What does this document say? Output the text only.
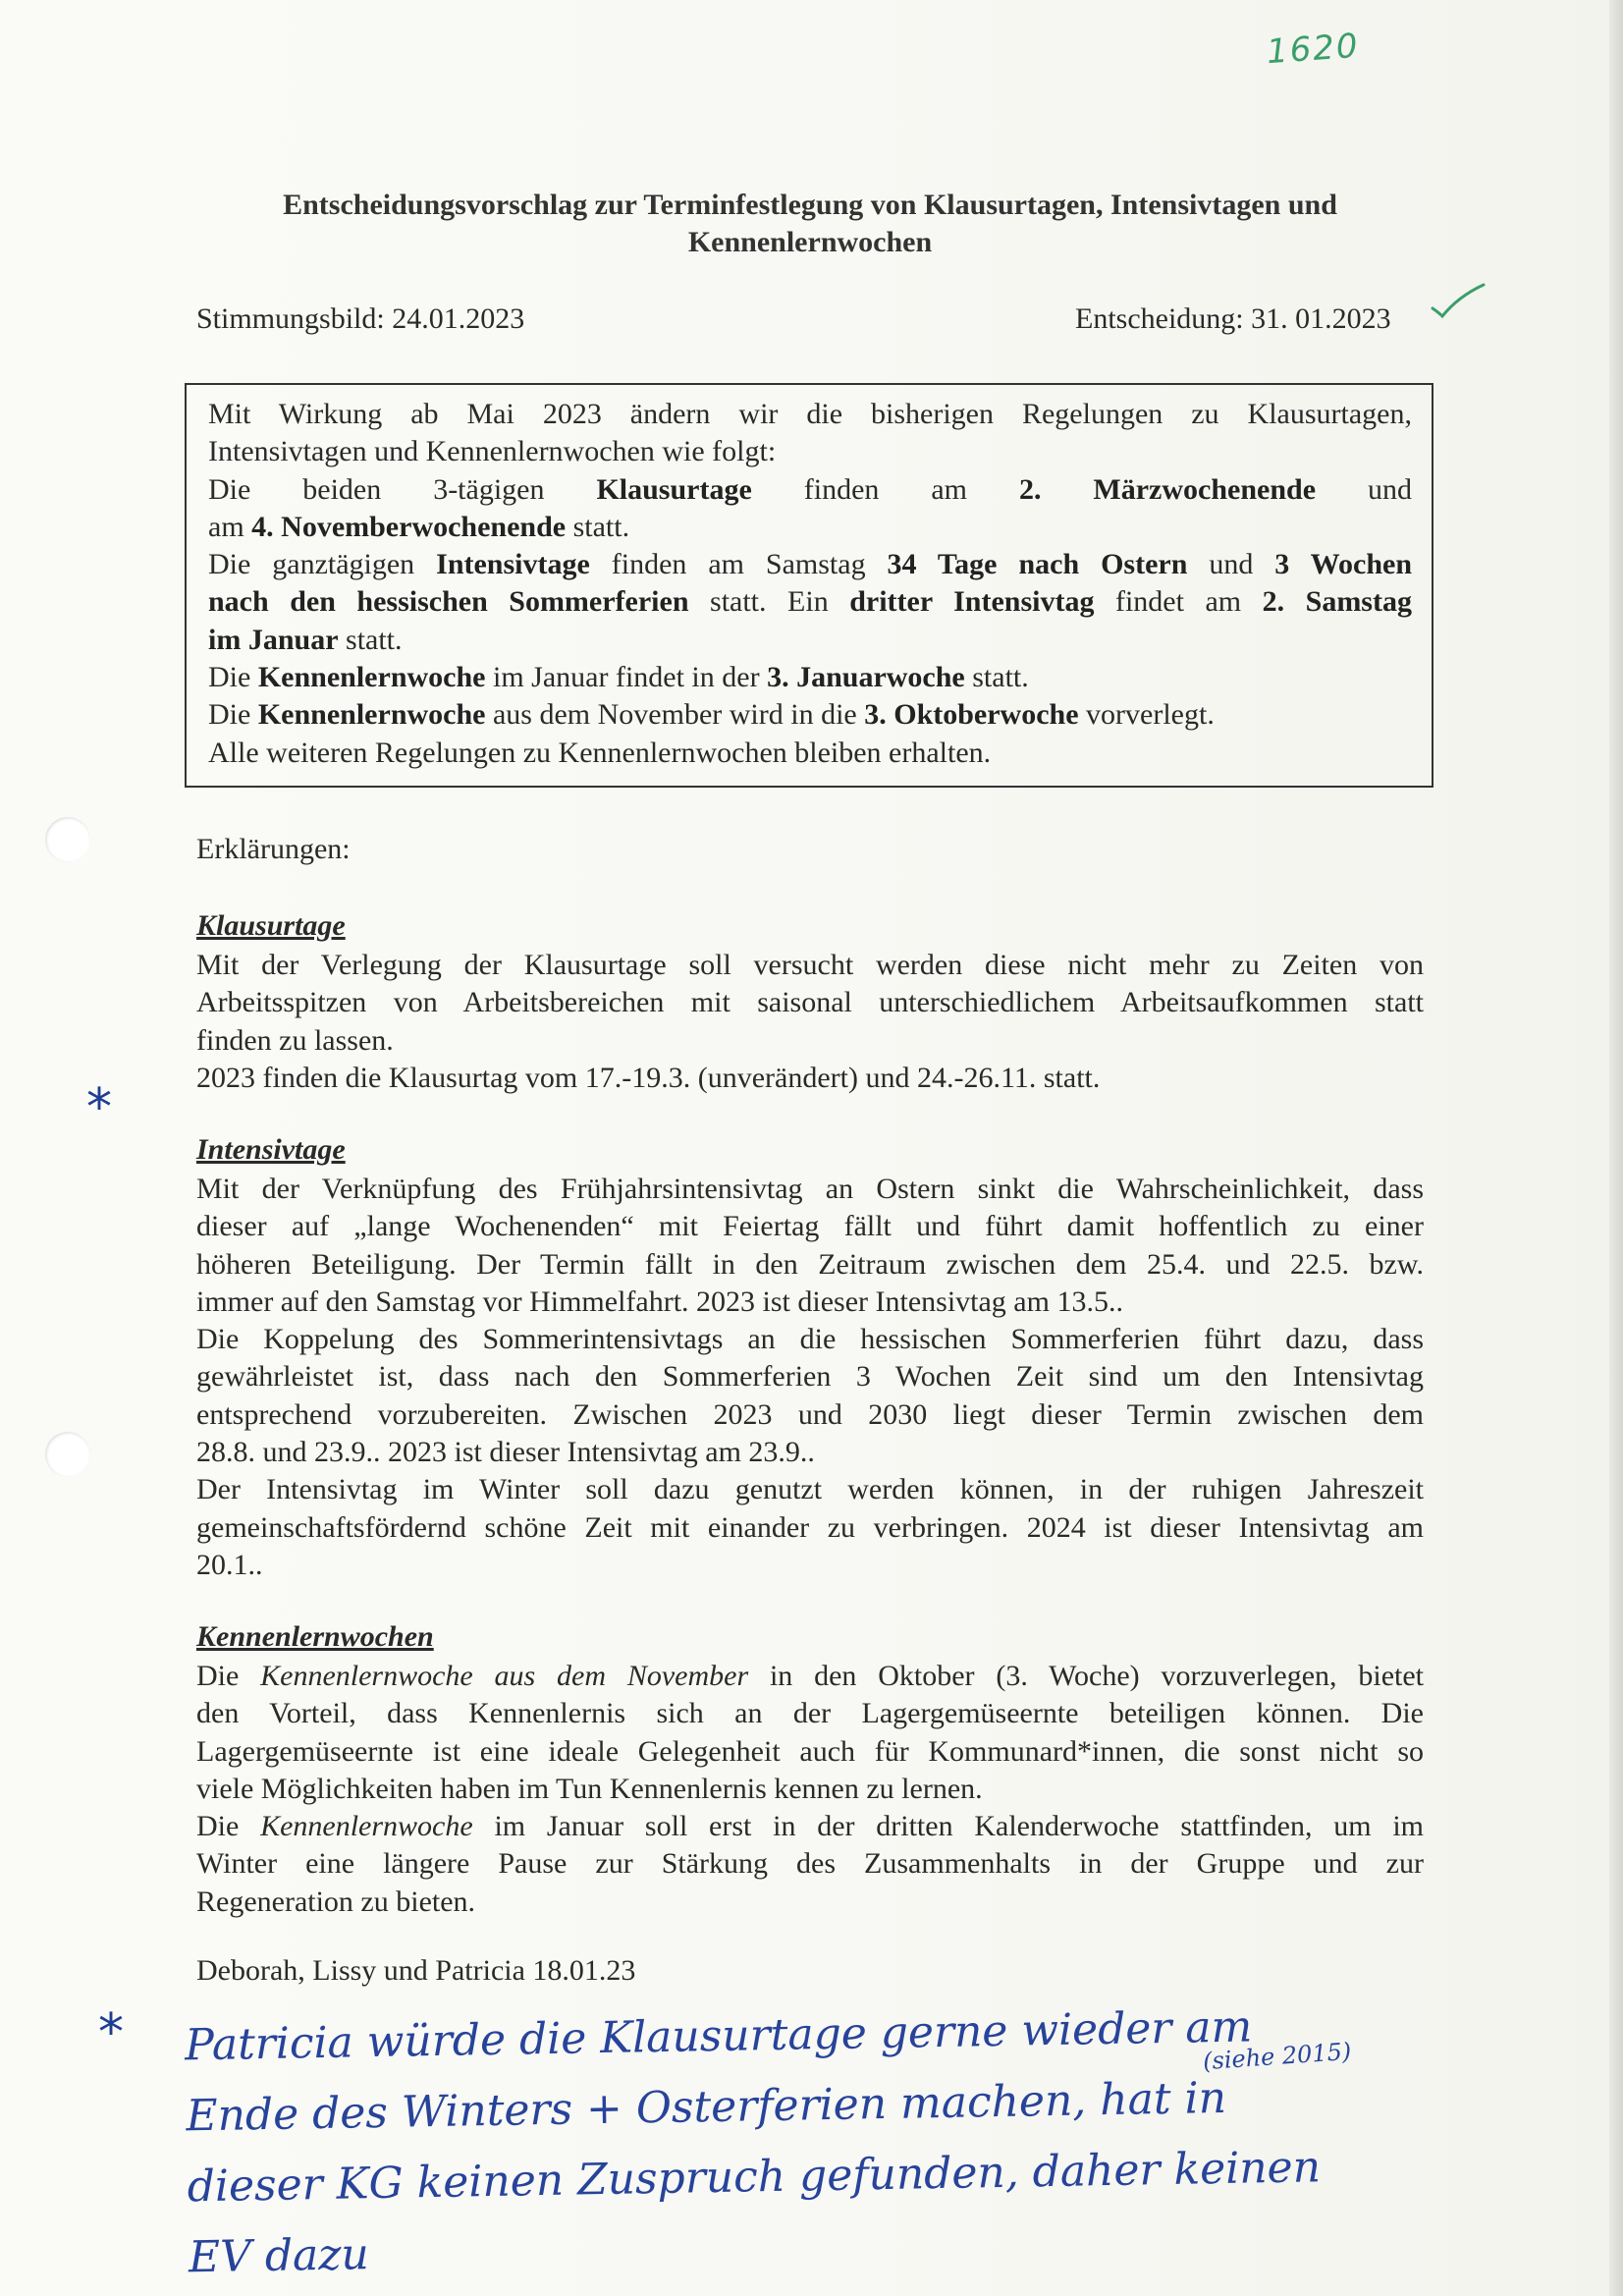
1620
Entscheidungsvorschlag zur Terminfestlegung von Klausurtagen, Intensivtagen und
Kennenlernwochen
Stimmungsbild: 24.01.2023	Entscheidung: 31. 01.2023

Mit Wirkung ab Mai 2023 ändern wir die bisherigen Regelungen zu Klausurtagen,

Intensivtagen und Kennenlernwochen wie folgt:

Die beiden 3-tägigen Klausurtage finden am 2. Märzwochenende und

am 4. Novemberwochenende statt.

Die ganztägigen Intensivtage finden am Samstag 34 Tage nach Ostern und 3 Wochen

nach den hessischen Sommerferien statt. Ein dritter Intensivtag findet am 2. Samstag

im Januar statt.

Die Kennenlernwoche im Januar findet in der 3. Januarwoche statt.

Die Kennenlernwoche aus dem November wird in die 3. Oktoberwoche vorverlegt.

Alle weiteren Regelungen zu Kennenlernwochen bleiben erhalten.

Erklärungen:
Klausurtage

Mit der Verlegung der Klausurtage soll versucht werden diese nicht mehr zu Zeiten von

Arbeitsspitzen von Arbeitsbereichen mit saisonal unterschiedlichem Arbeitsaufkommen statt

finden zu lassen.

2023 finden die Klausurtag vom 17.-19.3. (unverändert) und 24.-26.11. statt.

*
Intensivtage

Mit der Verknüpfung des Frühjahrsintensivtag an Ostern sinkt die Wahrscheinlichkeit, dass

dieser auf „lange Wochenenden“ mit Feiertag fällt und führt damit hoffentlich zu einer

höheren Beteiligung. Der Termin fällt in den Zeitraum zwischen dem 25.4. und 22.5. bzw.

immer auf den Samstag vor Himmelfahrt. 2023 ist dieser Intensivtag am 13.5..

Die Koppelung des Sommerintensivtags an die hessischen Sommerferien führt dazu, dass

gewährleistet ist, dass nach den Sommerferien 3 Wochen Zeit sind um den Intensivtag

entsprechend vorzubereiten. Zwischen 2023 und 2030 liegt dieser Termin zwischen dem

28.8. und 23.9.. 2023 ist dieser Intensivtag am 23.9..

Der Intensivtag im Winter soll dazu genutzt werden können, in der ruhigen Jahreszeit

gemeinschaftsfördernd schöne Zeit mit einander zu verbringen. 2024 ist dieser Intensivtag am

20.1..

Kennenlernwochen

Die Kennenlernwoche aus dem November in den Oktober (3. Woche) vorzuverlegen, bietet

den Vorteil, dass Kennenlernis sich an der Lagergemüseernte beteiligen können. Die

Lagergemüseernte ist eine ideale Gelegenheit auch für Kommunard*innen, die sonst nicht so

viele Möglichkeiten haben im Tun Kennenlernis kennen zu lernen.

Die Kennenlernwoche im Januar soll erst in der dritten Kalenderwoche stattfinden, um im

Winter eine längere Pause zur Stärkung des Zusammenhalts in der Gruppe und zur

Regeneration zu bieten.

Deborah, Lissy und Patricia 18.01.23
*	(siehe 2015)
Patricia würde die Klausurtage gerne wieder am
Ende des Winters + Osterferien machen, hat in
dieser KG keinen Zuspruch gefunden, daher keinen
EV dazu
